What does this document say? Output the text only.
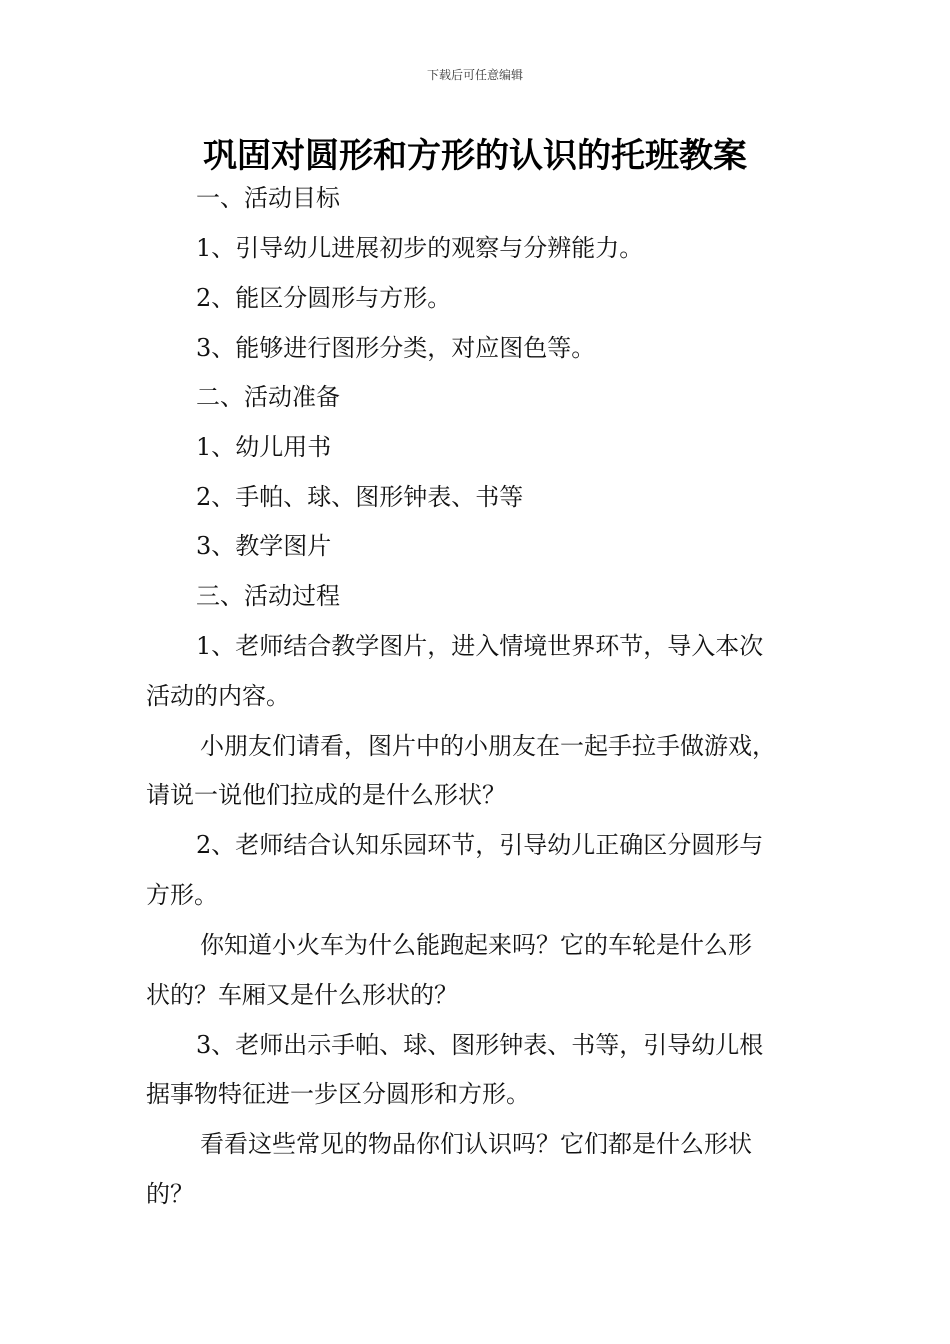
下载后可任意编辑
巩固对圆形和方形的认识的托班教案
一、活动目标
1、引导幼儿进展初步的观察与分辨能力。
2、能区分圆形与方形。
3、能够进行图形分类，对应图色等。
二、活动准备
1、幼儿用书
2、手帕、球、图形钟表、书等
3、教学图片
三、活动过程
1、老师结合教学图片，进入情境世界环节，导入本次
活动的内容。
小朋友们请看，图片中的小朋友在一起手拉手做游戏，
请说一说他们拉成的是什么形状？
2、老师结合认知乐园环节，引导幼儿正确区分圆形与
方形。
你知道小火车为什么能跑起来吗？它的车轮是什么形
状的？车厢又是什么形状的？
3、老师出示手帕、球、图形钟表、书等，引导幼儿根
据事物特征进一步区分圆形和方形。
看看这些常见的物品你们认识吗？它们都是什么形状
的？
